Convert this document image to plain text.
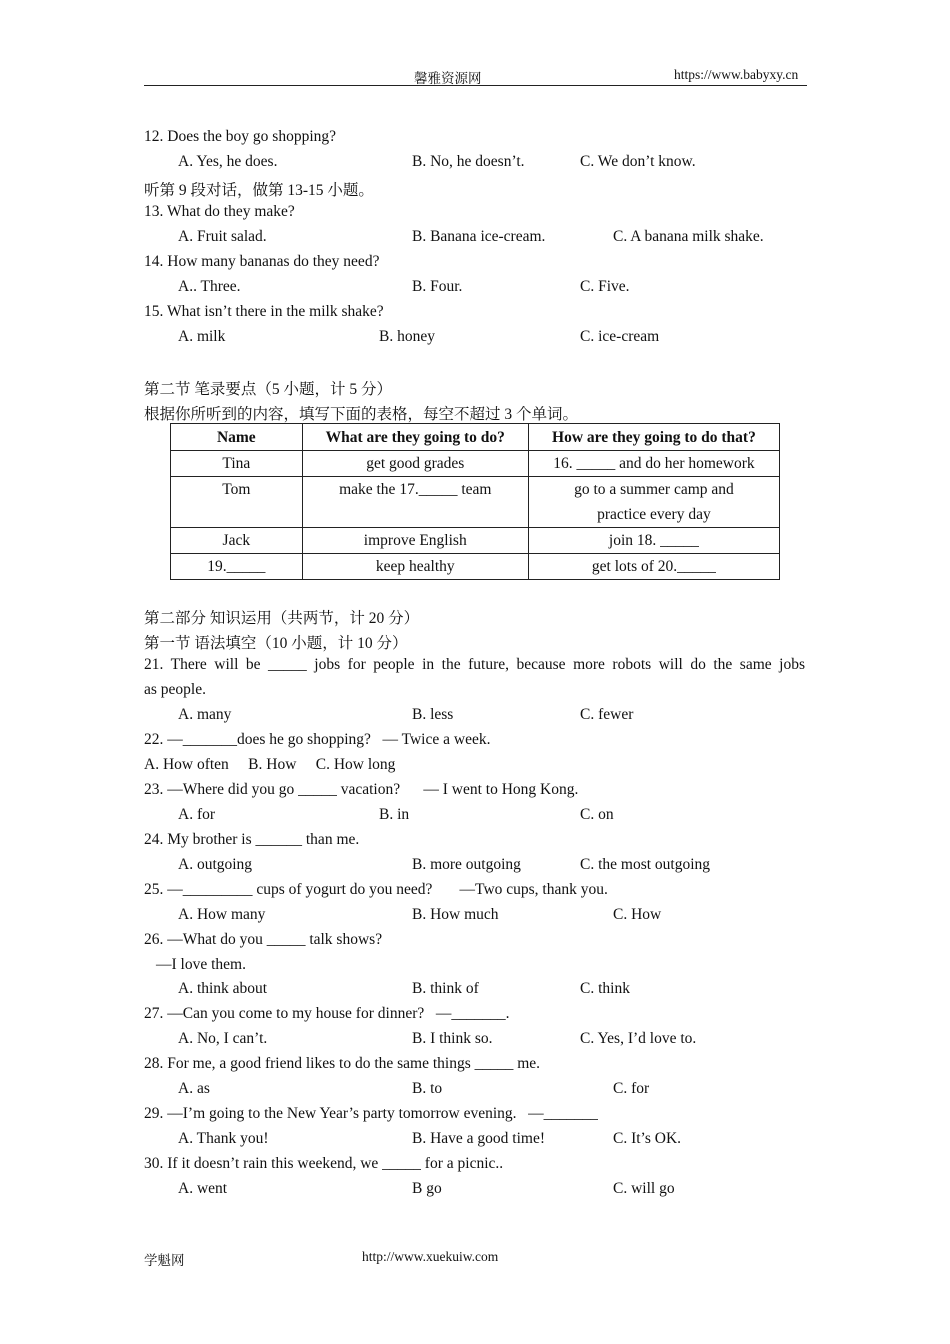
馨雅资源网	https://www.babyxy.cn
12. Does the boy go shopping?
A. Yes, he does.	B. No, he doesn’t.	C. We don’t know.
听第 9 段对话，做第 13-15 小题。
13. What do they make?
A. Fruit salad.	B. Banana ice-cream.	C. A banana milk shake.
14. How many bananas do they need?
A.. Three.	B. Four.	C. Five.
15. What isn’t there in the milk shake?
A. milk	B. honey	C. ice-cream
第二节 笔录要点（5 小题，计 5 分）
根据你所听到的内容，填写下面的表格，每空不超过 3 个单词。
Name	What are they going to do?	How are they going to do that?
Tina	get good grades	16. _____ and do her homework
Tom	make the 17._____ team	go to a summer camp and
practice every day

Jack	improve English	join 18. _____
19._____	keep healthy	get lots of 20._____
第二部分 知识运用（共两节，计 20 分）
第一节 语法填空（10 小题，计 10 分）
21. There will be _____ jobs for people in the future, because more robots will do the same jobs
as people.
A. many	B. less	C. fewer
22. —_______does he go shopping?   — Twice a week.
A. How often     B. How     C. How long
23. —Where did you go _____ vacation?      — I went to Hong Kong.
A. for	B. in	C. on
24. My brother is ______ than me.
A. outgoing	B. more outgoing	C. the most outgoing
25. —_________ cups of yogurt do you need?       —Two cups, thank you.
A. How many	B. How much	C. How
26. —What do you _____ talk shows?
—I love them.
A. think about	B. think of	C. think
27. —Can you come to my house for dinner?   —_______.
A. No, I can’t.	B. I think so.	C. Yes, I’d love to.
28. For me, a good friend likes to do the same things _____ me.
A. as	B. to	C. for
29. —I’m going to the New Year’s party tomorrow evening.   —_______
A. Thank you!	B. Have a good time!	C. It’s OK.
30. If it doesn’t rain this weekend, we _____ for a picnic..
A. went	B go	C. will go
学魁网	http://www.xuekuiw.com
